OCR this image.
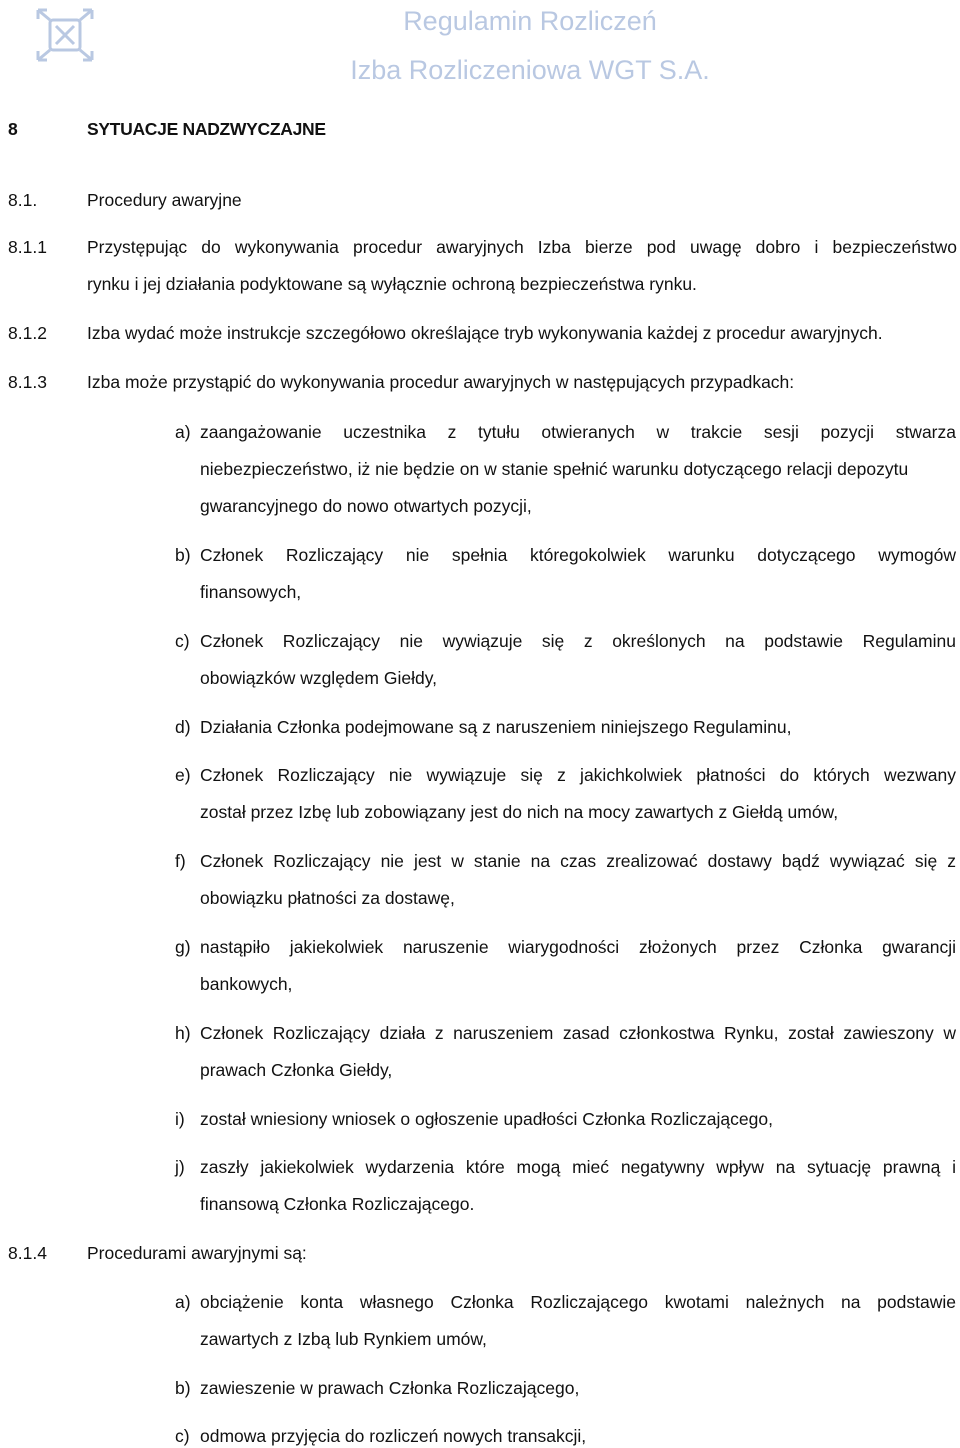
Regulamin Rozliczeń
Izba Rozliczeniowa WGT S.A.
8	SYTUACJE NADZWYCZAJNE
8.1.	Procedury awaryjne
8.1.1 Przystępując do wykonywania procedur awaryjnych Izba bierze pod uwagę dobro i bezpieczeństwo
rynku i jej działania podyktowane są wyłącznie ochroną bezpieczeństwa rynku.
8.1.2 Izba wydać może instrukcje szczegółowo określające tryb wykonywania każdej z procedur awaryjnych.
8.1.3 Izba może przystąpić do wykonywania procedur awaryjnych w następujących przypadkach:
a) zaangażowanie uczestnika z tytułu otwieranych w trakcie sesji pozycji stwarza
niebezpieczeństwo, iż nie będzie on w stanie spełnić warunku dotyczącego relacji depozytu
gwarancyjnego do nowo otwartych pozycji,
b) Członek Rozliczający nie spełnia któregokolwiek warunku dotyczącego wymogów
finansowych,
c) Członek Rozliczający nie wywiązuje się z określonych na podstawie Regulaminu
obowiązków względem Giełdy,
d) Działania Członka podejmowane są z naruszeniem niniejszego Regulaminu,
e) Członek Rozliczający nie wywiązuje się z jakichkolwiek płatności do których wezwany
został przez Izbę lub zobowiązany jest do nich na mocy zawartych z Giełdą umów,
f) Członek Rozliczający nie jest w stanie na czas zrealizować dostawy bądź wywiązać się z
obowiązku płatności za dostawę,
g) nastąpiło jakiekolwiek naruszenie wiarygodności złożonych przez Członka gwarancji
bankowych,
h) Członek Rozliczający działa z naruszeniem zasad członkostwa Rynku, został zawieszony w
prawach Członka Giełdy,
i) został wniesiony wniosek o ogłoszenie upadłości Członka Rozliczającego,
j) zaszły jakiekolwiek wydarzenia które mogą mieć negatywny wpływ na sytuację prawną i
finansową Członka Rozliczającego.
8.1.4 Procedurami awaryjnymi są:
a) obciążenie konta własnego Członka Rozliczającego kwotami należnych na podstawie
zawartych z Izbą lub Rynkiem umów,
b) zawieszenie w prawach Członka Rozliczającego,
c) odmowa przyjęcia do rozliczeń nowych transakcji,
